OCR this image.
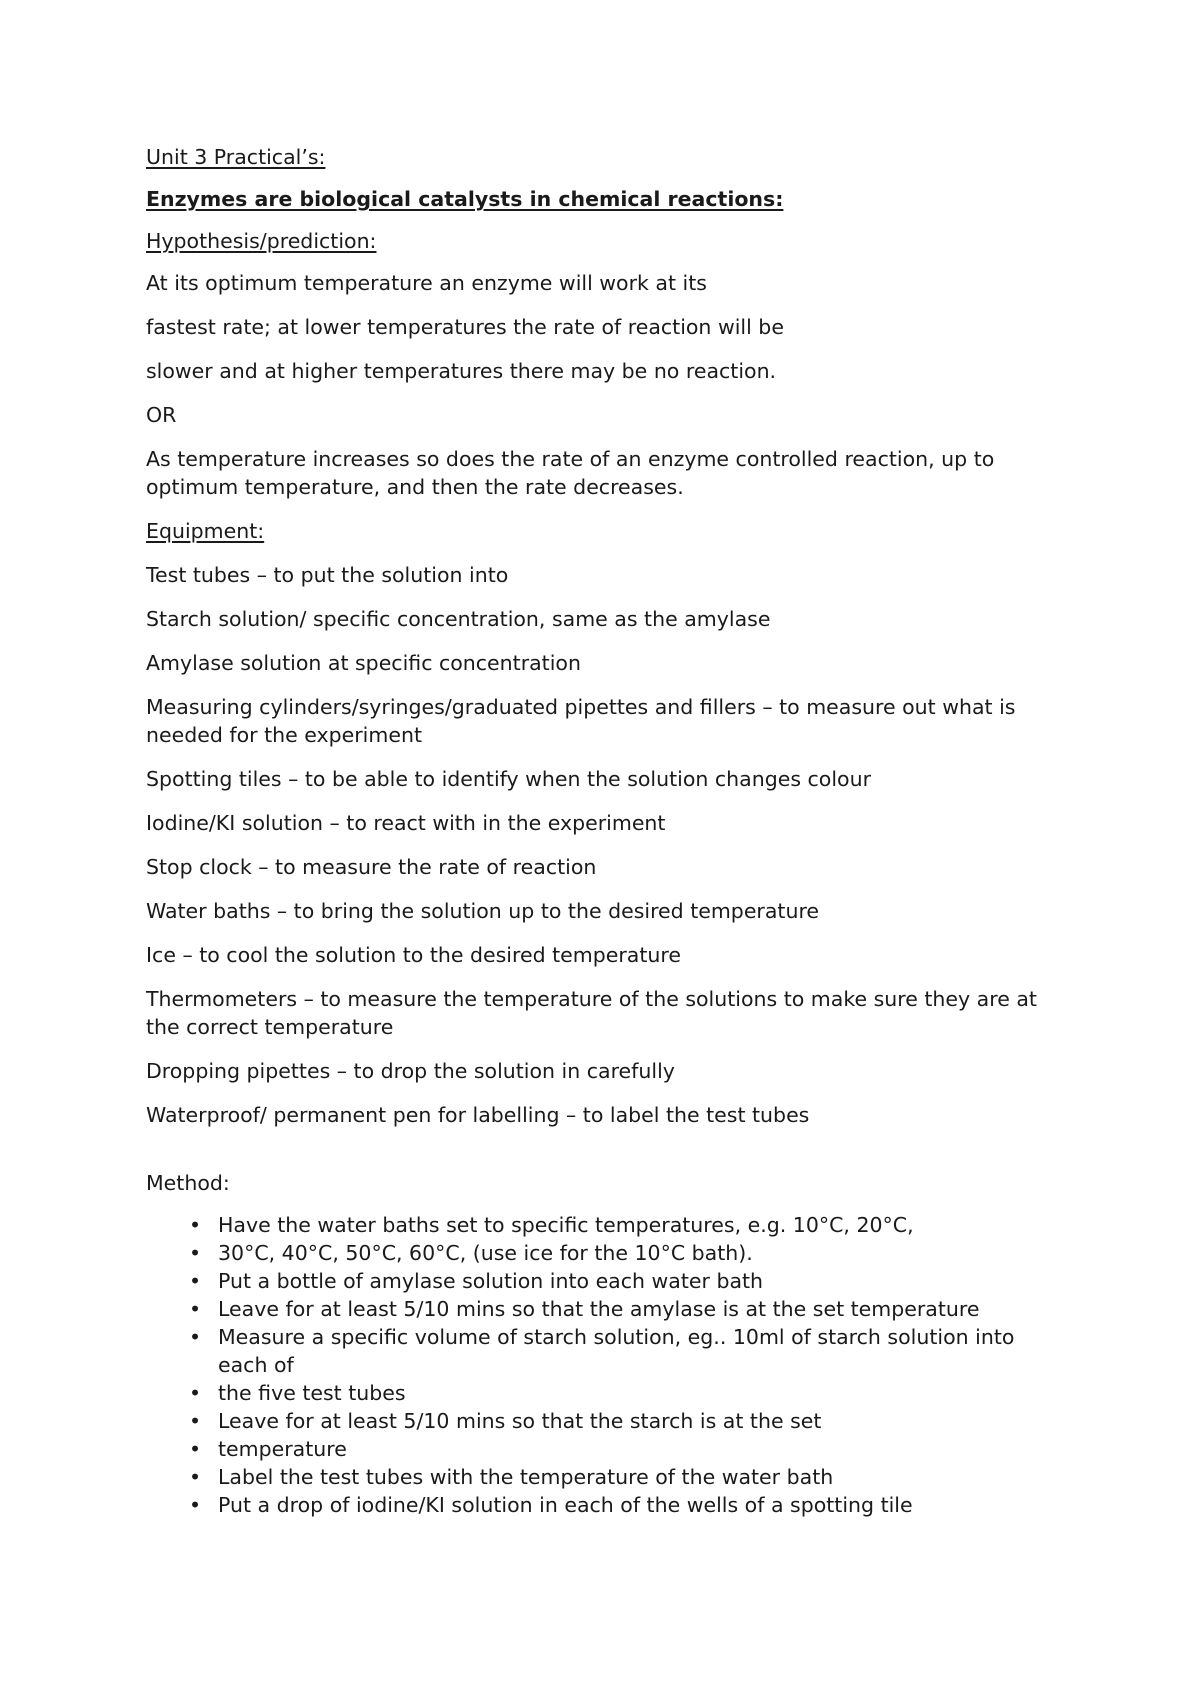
Unit 3 Practical’s:

Enzymes are biological catalysts in chemical reactions:

Hypothesis/prediction:

At its optimum temperature an enzyme will work at its

fastest rate; at lower temperatures the rate of reaction will be

slower and at higher temperatures there may be no reaction.

OR

As temperature increases so does the rate of an enzyme controlled reaction, up to optimum temperature, and then the rate decreases.

Equipment:

Test tubes – to put the solution into

Starch solution/ specific concentration, same as the amylase

Amylase solution at specific concentration

Measuring cylinders/syringes/graduated pipettes and fillers – to measure out what is needed for the experiment

Spotting tiles – to be able to identify when the solution changes colour

Iodine/KI solution – to react with in the experiment

Stop clock – to measure the rate of reaction

Water baths – to bring the solution up to the desired temperature

Ice – to cool the solution to the desired temperature

Thermometers – to measure the temperature of the solutions to make sure they are at the correct temperature

Dropping pipettes – to drop the solution in carefully

Waterproof/ permanent pen for labelling – to label the test tubes

Method:

• Have the water baths set to specific temperatures, e.g. 10°C, 20°C,
• 30°C, 40°C, 50°C, 60°C, (use ice for the 10°C bath).
• Put a bottle of amylase solution into each water bath
• Leave for at least 5/10 mins so that the amylase is at the set temperature
• Measure a specific volume of starch solution, eg.. 10ml of starch solution into each of
• the five test tubes
• Leave for at least 5/10 mins so that the starch is at the set
• temperature
• Label the test tubes with the temperature of the water bath
• Put a drop of iodine/KI solution in each of the wells of a spotting tile
